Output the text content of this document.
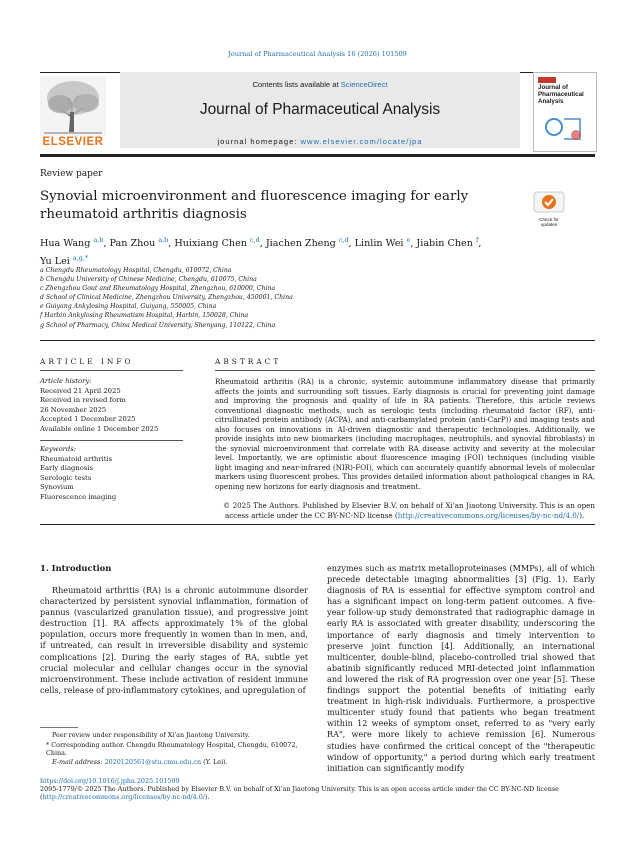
Journal of Pharmaceutical Analysis 16 (2026) 101509
ELSEVIER
Contents lists available at ScienceDirect
Journal of Pharmaceutical Analysis
journal homepage: www.elsevier.com/locate/jpa
Journal of Pharmaceutical Analysis
Review paper
Synovial microenvironment and fluorescence imaging for early rheumatoid arthritis diagnosis	Check for updates
Hua Wang $^{a,b}$, Pan Zhou $^{a,b}$, Huixiang Chen $^{c,d}$, Jiachen Zheng $^{c,d}$, Linlin Wei $^e$, Jiabin Chen $^f$,
Yu Lei $^{a,g,*}$
a Chengdu Rheumatology Hospital, Chengdu, 610072, China
b Chengdu University of Chinese Medicine, Chengdu, 610075, China
c Zhengzhou Gout and Rheumatology Hospital, Zhengzhou, 610000, China
d School of Clinical Medicine, Zhengzhou University, Zhengzhou, 450001, China
e Guiyang Ankylosing Hospital, Guiyang, 550005, China
f Harbin Ankylosing Rheumatism Hospital, Harbin, 150028, China
g School of Pharmacy, China Medical University, Shenyang, 110122, China
ARTICLE INFO
Article history:
Received 21 April 2025
Received in revised form
26 November 2025
Accepted 1 December 2025
Available online 1 December 2025
Keywords:
Rheumatoid arthritis
Early diagnosis
Serologic tests
Synovium
Fluorescence imaging
ABSTRACT
Rheumatoid arthritis (RA) is a chronic, systemic autoimmune inflammatory disease that primarily affects the joints and surrounding soft tissues. Early diagnosis is crucial for preventing joint damage and improving the prognosis and quality of life in RA patients. Therefore, this article reviews conventional diagnostic methods, such as serologic tests (including rheumatoid factor (RF), anti-citrullinated protein antibody (ACPA), and anti-carbamylated protein (anti-CarP)) and imaging tests and also focuses on innovations in AI-driven diagnostic and therapeutic technologies. Additionally, we provide insights into new biomarkers (including macrophages, neutrophils, and synovial fibroblasts) in the synovial microenvironment that correlate with RA disease activity and severity at the molecular level. Importantly, we are optimistic about fluorescence imaging (FOI) techniques (including visible light imaging and near-infrared (NIR)-FOI), which can accurately quantify abnormal levels of molecular markers using fluorescent probes. This provides detailed information about pathological changes in RA, opening new horizons for early diagnosis and treatment.
© 2025 The Authors. Published by Elsevier B.V. on behalf of Xi'an Jiaotong University. This is an open access article under the CC BY-NC-ND license (http://creativecommons.org/licenses/by-nc-nd/4.0/).
1. Introduction
Rheumatoid arthritis (RA) is a chronic autoimmune disorder characterized by persistent synovial inflammation, formation of pannus (vascularized granulation tissue), and progressive joint destruction [1]. RA affects approximately 1% of the global population, occurs more frequently in women than in men, and, if untreated, can result in irreversible disability and systemic complications [2]. During the early stages of RA, subtle yet crucial molecular and cellular changes occur in the synovial microenvironment. These include activation of resident immune cells, release of pro-inflammatory cytokines, and upregulation of
enzymes such as matrix metalloproteinases (MMPs), all of which precede detectable imaging abnormalities [3] (Fig. 1). Early diagnosis of RA is essential for effective symptom control and has a significant impact on long-term patient outcomes. A five-year follow-up study demonstrated that radiographic damage in early RA is associated with greater disability, underscoring the importance of early diagnosis and timely intervention to preserve joint function [4]. Additionally, an international multicenter, double-blind, placebo-controlled trial showed that abatinib significantly reduced MRI-detected joint inflammation and lowered the risk of RA progression over one year [5]. These findings support the potential benefits of initiating early treatment in high-risk individuals. Furthermore, a prospective multicenter study found that patients who began treatment within 12 weeks of symptom onset, referred to as "very early RA", were more likely to achieve remission [6]. Numerous studies have confirmed the critical concept of the "therapeutic window of opportunity," a period during which early treatment initiation can significantly modify
Peer review under responsibility of Xi'an Jiaotong University.
* Corresponding author. Chengdu Rheumatology Hospital, Chengdu, 610072, China.
E-mail address: 2020120561@stu.cmu.edu.cn (Y. Lei).
https://doi.org/10.1016/j.jpha.2025.101509
2095-1779/© 2025 The Authors. Published by Elsevier B.V. on behalf of Xi'an Jiaotong University. This is an open access article under the CC BY-NC-ND license (http://creativecommons.org/licenses/by-nc-nd/4.0/).
